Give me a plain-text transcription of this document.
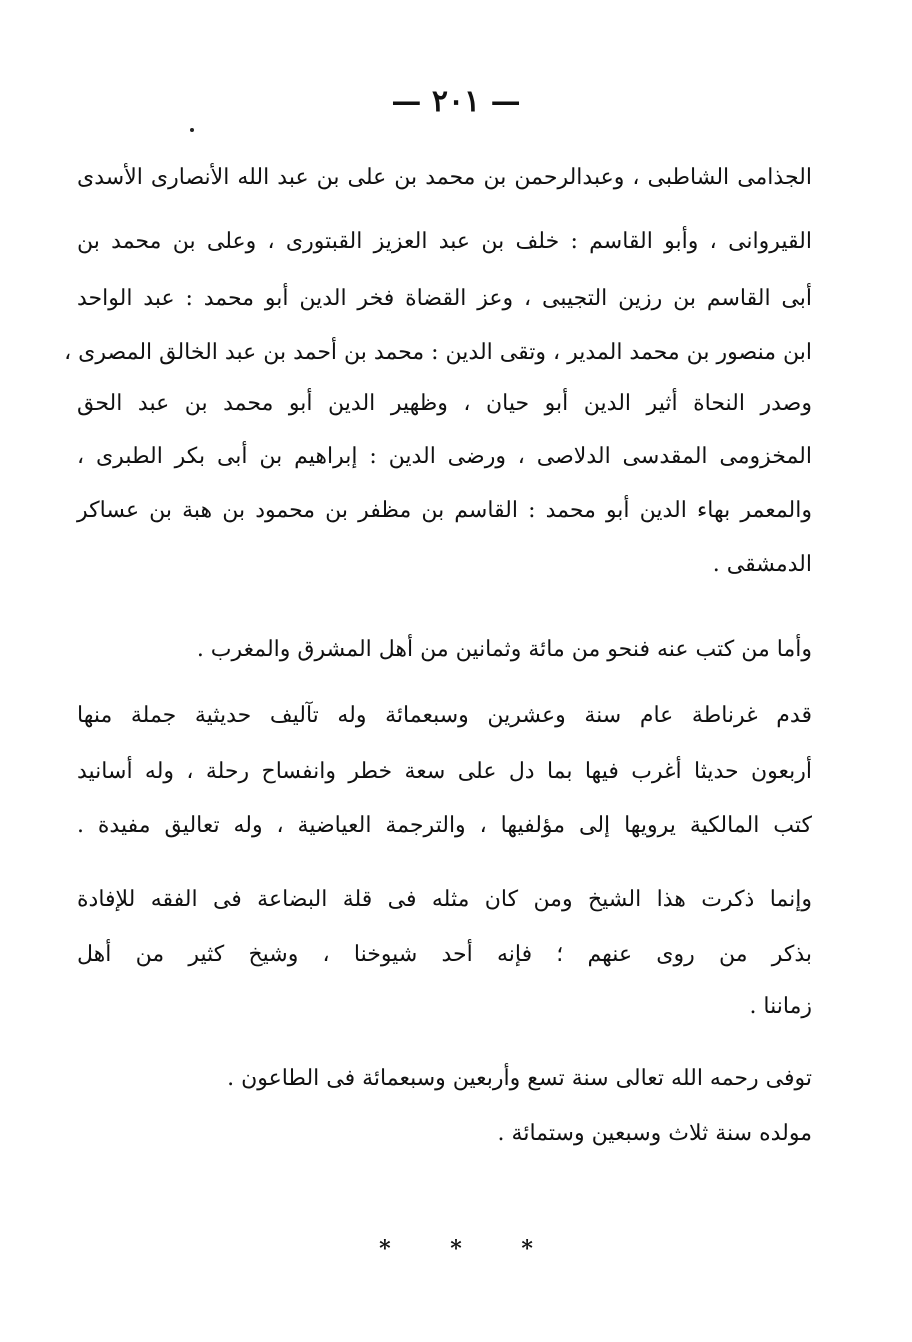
— ٢٠١ —
الجذامى الشاطبى ، وعبدالرحمن بن محمد بن على بن عبد الله الأنصارى الأسدى
القيروانى ، وأبو القاسم : خلف بن عبد العزيز القبتورى ، وعلى بن محمد بن
أبى القاسم بن رزين التجيبى ، وعز القضاة فخر الدين أبو محمد : عبد الواحد
ابن منصور بن محمد المدير ، وتقى الدين : محمد بن أحمد بن عبد الخالق المصرى ،
وصدر النحاة أثير الدين أبو حيان ، وظهير الدين أبو محمد بن عبد الحق
المخزومى المقدسى الدلاصى ، ورضى الدين : إبراهيم بن أبى بكر الطبرى ،
والمعمر بهاء الدين أبو محمد : القاسم بن مظفر بن محمود بن هبة بن عساكر
الدمشقى .
وأما من كتب عنه فنحو من مائة وثمانين من أهل المشرق والمغرب .
قدم غرناطة عام سنة وعشرين وسبعمائة وله تآليف حديثية جملة منها
أربعون حديثا أغرب فيها بما دل على سعة خطر وانفساح رحلة ، وله أسانيد
كتب المالكية يرويها إلى مؤلفيها ، والترجمة العياضية ، وله تعاليق مفيدة .
وإنما ذكرت هذا الشيخ ومن كان مثله فى قلة البضاعة فى الفقه للإفادة
بذكر من روى عنهم ؛ فإنه أحد شيوخنا ، وشيخ كثير من أهل
زماننا .
توفى رحمه الله تعالى سنة تسع وأربعين وسبعمائة فى الطاعون .
مولده سنة ثلاث وسبعين وستمائة .
* * *
